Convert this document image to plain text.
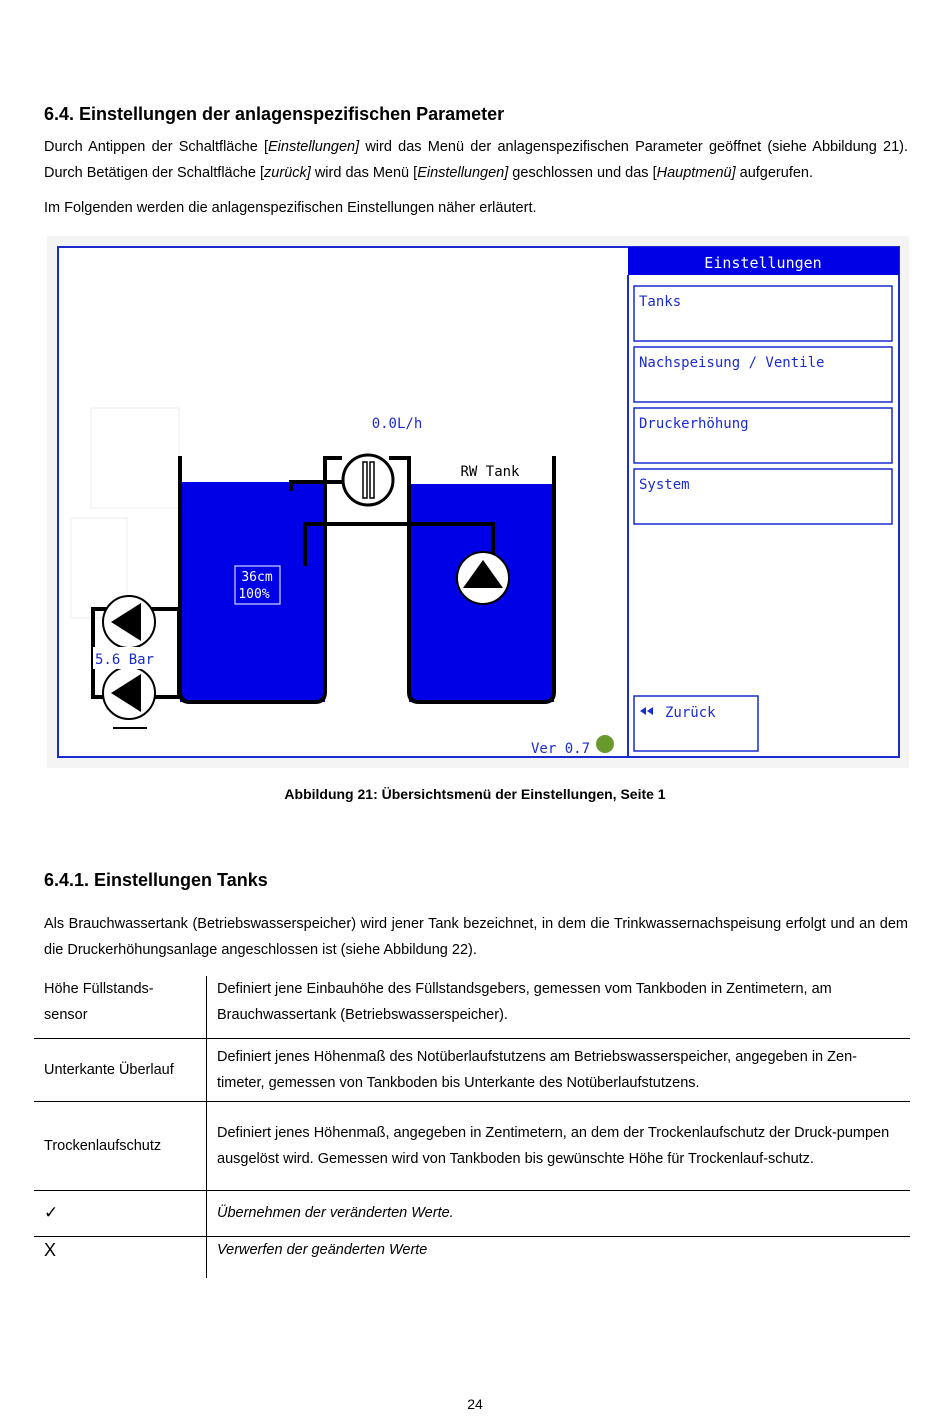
6.4. Einstellungen der anlagenspezifischen Parameter
Durch Antippen der Schaltfläche [Einstellungen] wird das Menü der anlagenspezifischen Parameter geöffnet (siehe Abbildung 21). Durch Betätigen der Schaltfläche [zurück] wird das Menü [Einstellungen] geschlossen und das [Hauptmenü] aufgerufen.
Im Folgenden werden die anlagenspezifischen Einstellungen näher erläutert.
Einstellungen
Tanks
Nachspeisung / Ventile
Druckerhöhung
System
Zurück
36cm
100%
RW Tank
0.0L/h
5.6 Bar
Ver 0.7
Abbildung 21: Übersichtsmenü der Einstellungen, Seite 1
6.4.1. Einstellungen Tanks
Als Brauchwassertank (Betriebswasserspeicher) wird jener Tank bezeichnet, in dem die Trinkwassernachspeisung erfolgt und an dem die Druckerhöhungsanlage angeschlossen ist (siehe Abbildung 22).
Höhe Füllstands-sensor	Definiert jene Einbauhöhe des Füllstandsgebers, gemessen vom Tankboden in Zentimetern, am Brauchwassertank (Betriebswasserspeicher).
Unterkante Überlauf	Definiert jenes Höhenmaß des Notüberlaufstutzens am Betriebswasserspeicher, angegeben in Zen-timeter, gemessen von Tankboden bis Unterkante des Notüberlaufstutzens.
Trockenlaufschutz	Definiert jenes Höhenmaß, angegeben in Zentimetern, an dem der Trockenlaufschutz der Druck-pumpen ausgelöst wird. Gemessen wird von Tankboden bis gewünschte Höhe für Trockenlauf-schutz.
✓	Übernehmen der veränderten Werte.
X	Verwerfen der geänderten Werte
24
